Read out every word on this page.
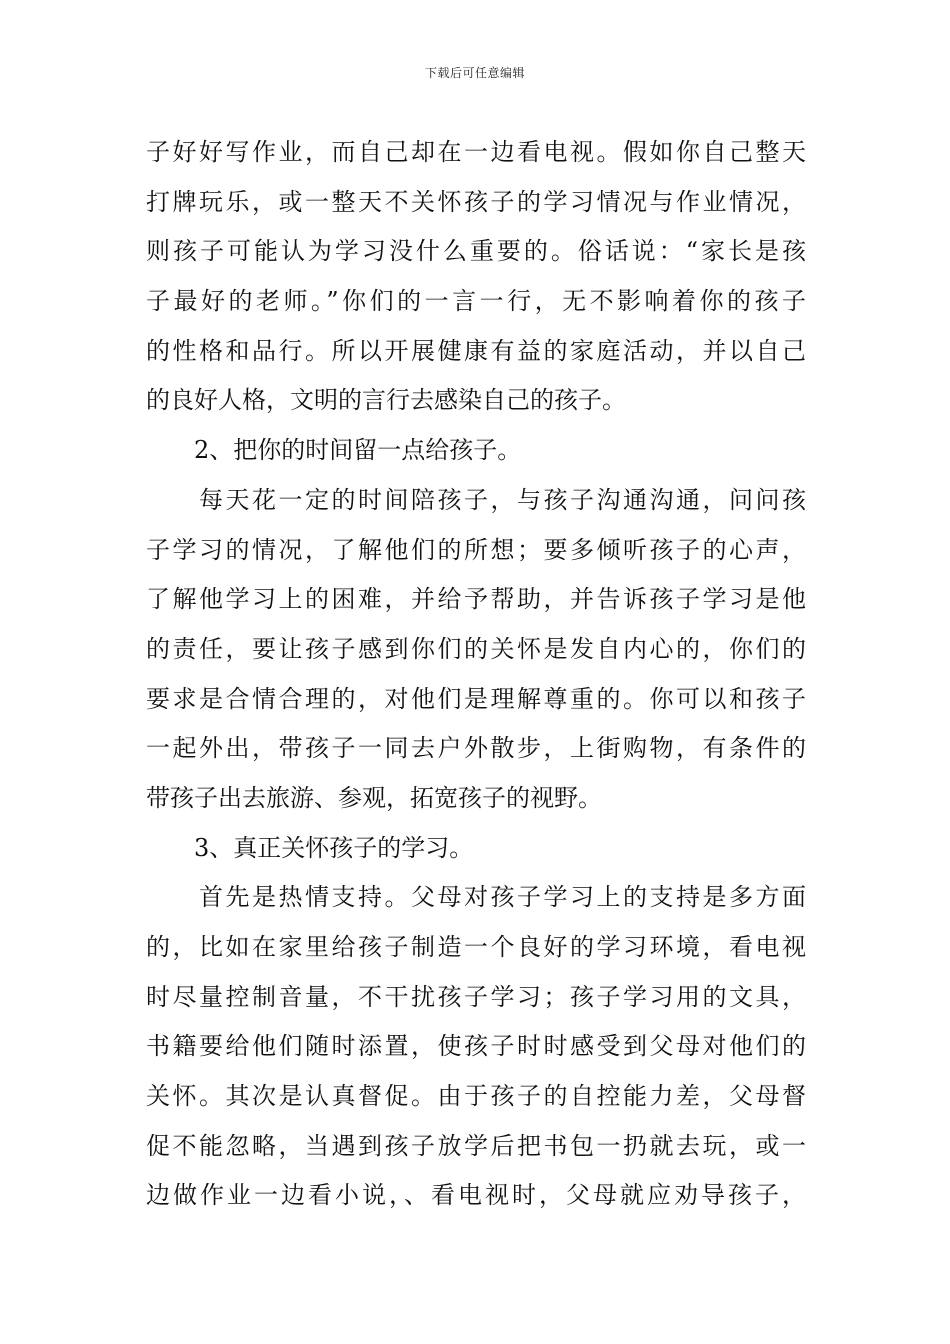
下载后可任意编辑
子好好写作业，而自己却在一边看电视。假如你自己整天
打牌玩乐，或一整天不关怀孩子的学习情况与作业情况，
则孩子可能认为学习没什么重要的。俗话说：“家长是孩
子最好的老师。”你们的一言一行，无不影响着你的孩子
的性格和品行。所以开展健康有益的家庭活动，并以自己
的良好人格，文明的言行去感染自己的孩子。
2、把你的时间留一点给孩子。
每天花一定的时间陪孩子，与孩子沟通沟通，问问孩
子学习的情况，了解他们的所想；要多倾听孩子的心声，
了解他学习上的困难，并给予帮助，并告诉孩子学习是他
的责任，要让孩子感到你们的关怀是发自内心的，你们的
要求是合情合理的，对他们是理解尊重的。你可以和孩子
一起外出，带孩子一同去户外散步，上街购物，有条件的
带孩子出去旅游、参观，拓宽孩子的视野。
3、真正关怀孩子的学习。
首先是热情支持。父母对孩子学习上的支持是多方面
的，比如在家里给孩子制造一个良好的学习环境，看电视
时尽量控制音量，不干扰孩子学习；孩子学习用的文具，
书籍要给他们随时添置，使孩子时时感受到父母对他们的
关怀。其次是认真督促。由于孩子的自控能力差，父母督
促不能忽略，当遇到孩子放学后把书包一扔就去玩，或一
边做作业一边看小说，、看电视时，父母就应劝导孩子，
